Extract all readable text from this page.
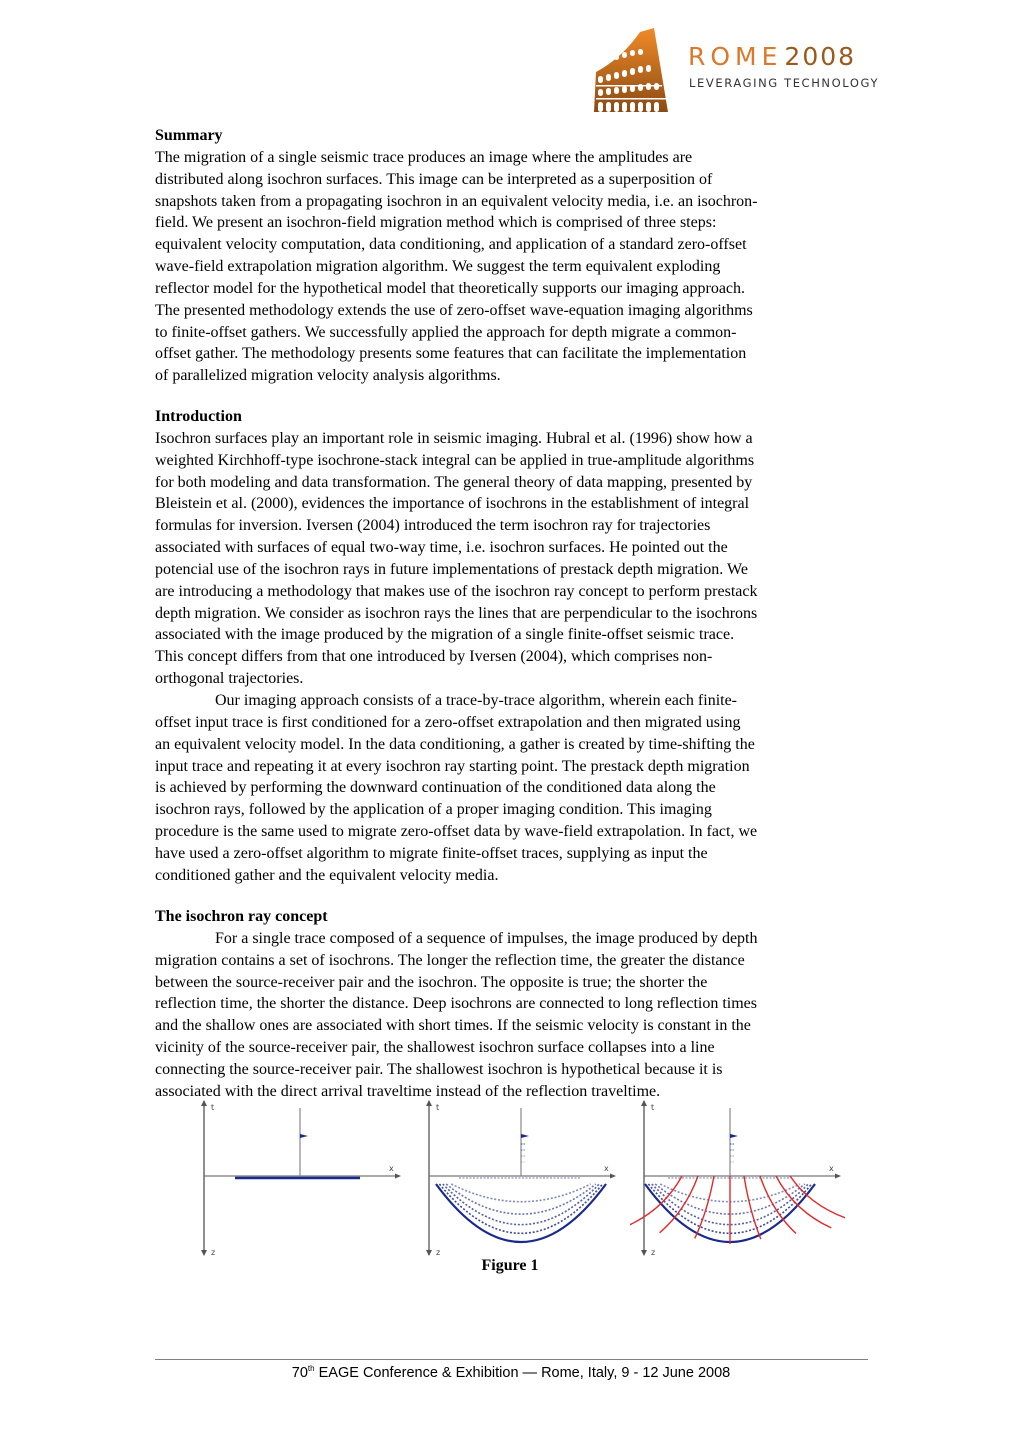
ROME2008
LEVERAGING TECHNOLOGY
Summary

The migration of a single seismic trace produces an image where the amplitudes are
distributed along isochron surfaces. This image can be interpreted as a superposition of
snapshots taken from a propagating isochron in an equivalent velocity media, i.e. an isochron-
field. We present an isochron-field migration method which is comprised of three steps:
equivalent velocity computation, data conditioning, and application of a standard zero-offset
wave-field extrapolation migration algorithm. We suggest the term equivalent exploding
reflector model for the hypothetical model that theoretically supports our imaging approach.
The presented methodology extends the use of zero-offset wave-equation imaging algorithms
to finite-offset gathers. We successfully applied the approach for depth migrate a common-
offset gather. The methodology presents some features that can facilitate the implementation
of parallelized migration velocity analysis algorithms.

Introduction

Isochron surfaces play an important role in seismic imaging. Hubral et al. (1996) show how a
weighted Kirchhoff-type isochrone-stack integral can be applied in true-amplitude algorithms
for both modeling and data transformation. The general theory of data mapping, presented by
Bleistein et al. (2000), evidences the importance of isochrons in the establishment of integral
formulas for inversion. Iversen (2004) introduced the term isochron ray for trajectories
associated with surfaces of equal two-way time, i.e. isochron surfaces. He pointed out the
potencial use of the isochron rays in future implementations of prestack depth migration. We
are introducing a methodology that makes use of the isochron ray concept to perform prestack
depth migration. We consider as isochron rays the lines that are perpendicular to the isochrons
associated with the image produced by the migration of a single finite-offset seismic trace.
This concept differs from that one introduced by Iversen (2004), which comprises non-
orthogonal trajectories.

Our imaging approach consists of a trace-by-trace algorithm, wherein each finite-
offset input trace is first conditioned for a zero-offset extrapolation and then migrated using
an equivalent velocity model. In the data conditioning, a gather is created by time-shifting the
input trace and repeating it at every isochron ray starting point. The prestack depth migration
is achieved by performing the downward continuation of the conditioned data along the
isochron rays, followed by the application of a proper imaging condition. This imaging
procedure is the same used to migrate zero-offset data by wave-field extrapolation. In fact, we
have used a zero-offset algorithm to migrate finite-offset traces, supplying as input the
conditioned gather and the equivalent velocity media.

The isochron ray concept

For a single trace composed of a sequence of impulses, the image produced by depth
migration contains a set of isochrons. The longer the reflection time, the greater the distance
between the source-receiver pair and the isochron. The opposite is true; the shorter the
reflection time, the shorter the distance. Deep isochrons are connected to long reflection times
and the shallow ones are associated with short times. If the seismic velocity is constant in the
vicinity of the source-receiver pair, the shallowest isochron surface collapses into a line
connecting the source-receiver pair. The shallowest isochron is hypothetical because it is
associated with the direct arrival traveltime instead of the reflection traveltime.

t
x
z
t
x
z
t
x
z
Figure 1
70th EAGE Conference & Exhibition — Rome, Italy, 9 - 12 June 2008
